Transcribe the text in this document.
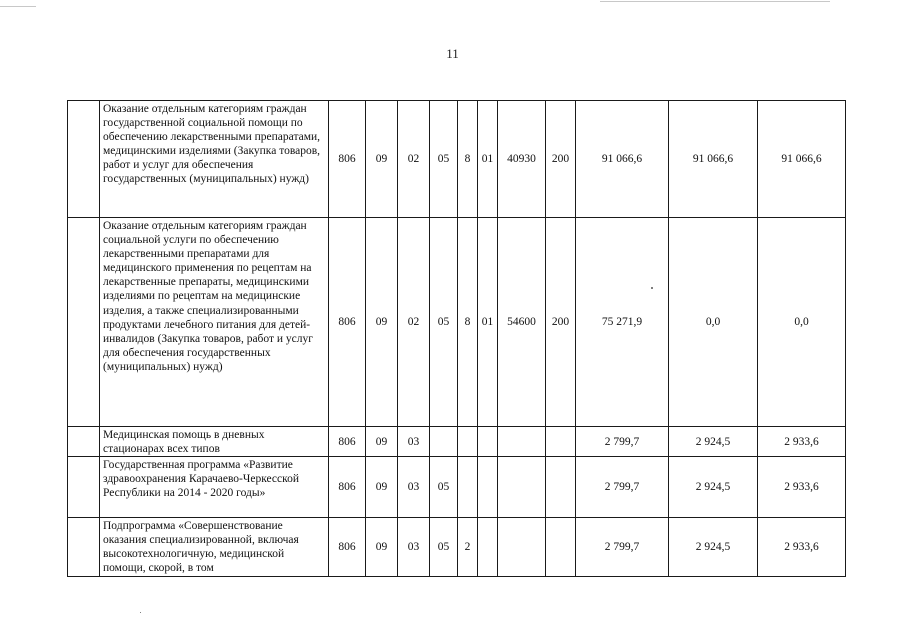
11
	Оказание отдельным категориям граждан государственной социальной помощи по обеспечению лекарственными препаратами, медицинскими изделиями (Закупка товаров, работ и услуг для обеспечения государственных (муниципальных) нужд)	806	09	02	05	8	01	40930	200	91 066,6	91 066,6	91 066,6
	Оказание отдельным категориям граждан социальной услуги по обеспечению лекарственными препаратами для медицинского применения по рецептам на лекарственные препараты, медицинскими изделиями по рецептам на медицинские изделия, а также специализированными продуктами лечебного питания для детей-инвалидов (Закупка товаров, работ и услуг для обеспечения государственных (муниципальных) нужд)	806	09	02	05	8	01	54600	200	75 271,9	0,0	0,0
	Медицинская помощь в дневных стационарах всех типов	806	09	03						2 799,7	2 924,5	2 933,6
	Государственная программа «Развитие здравоохранения Карачаево-Черкесской Республики на 2014 - 2020 годы»	806	09	03	05					2 799,7	2 924,5	2 933,6
	Подпрограмма «Совершенствование оказания специализированной, включая высокотехнологичную, медицинской помощи, скорой, в том	806	09	03	05	2				2 799,7	2 924,5	2 933,6
